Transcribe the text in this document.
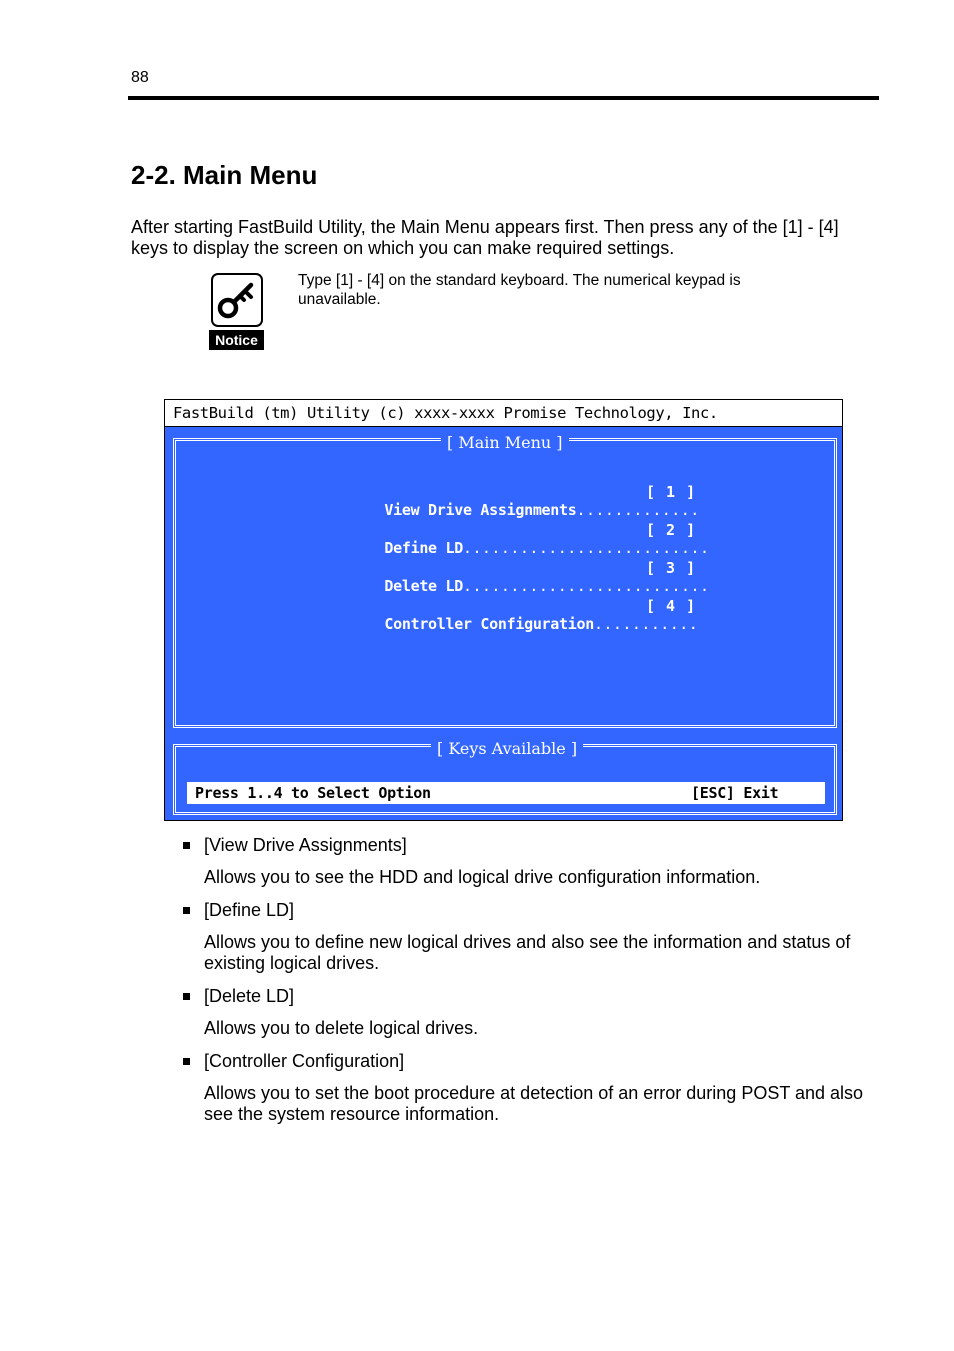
88
2-2. Main Menu

After starting FastBuild Utility, the Main Menu appears first. Then press any of the [1] - [4] keys to display the screen on which you can make required settings.

Notice

Type [1] - [4] on the standard keyboard. The numerical keypad is unavailable.

FastBuild (tm) Utility (c) xxxx-xxxx Promise Technology, Inc.
[ Main Menu ]

View Drive Assignments.............

[ 1 ]

Define LD..........................

[ 2 ]

Delete LD..........................

[ 3 ]

Controller Configuration...........

[ 4 ]

[ Keys Available ]
Press 1..4 to Select Option	[ESC] Exit

[View Drive Assignments]

Allows you to see the HDD and logical drive configuration information.

[Define LD]

Allows you to define new logical drives and also see the information and status of existing logical drives.

[Delete LD]

Allows you to delete logical drives.

[Controller Configuration]

Allows you to set the boot procedure at detection of an error during POST and also see the system resource information.
